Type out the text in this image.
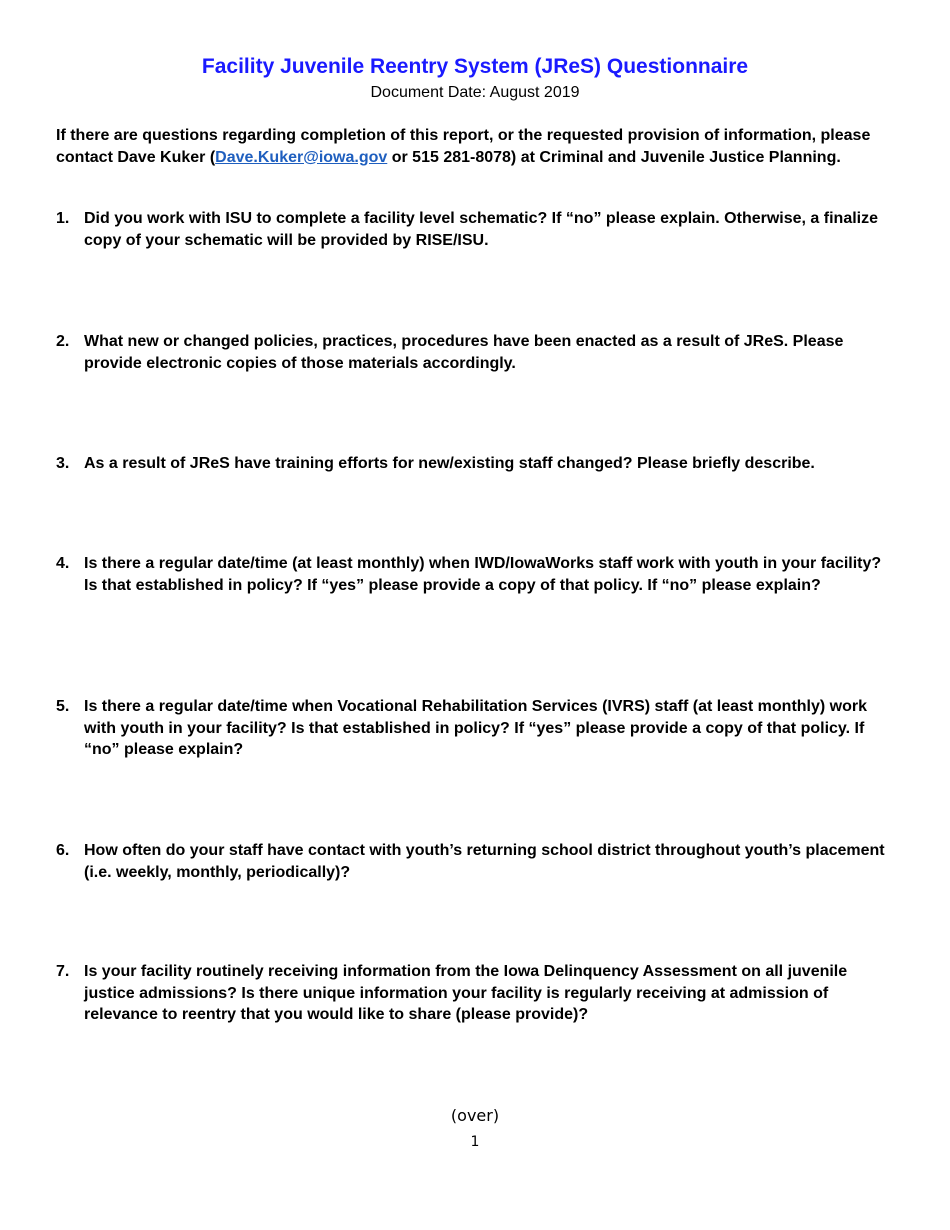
Facility Juvenile Reentry System (JReS) Questionnaire
Document Date: August 2019
If there are questions regarding completion of this report, or the requested provision of information, please contact Dave Kuker (Dave.Kuker@iowa.gov or 515 281-8078) at Criminal and Juvenile Justice Planning.
1. Did you work with ISU to complete a facility level schematic? If “no” please explain. Otherwise, a finalize copy of your schematic will be provided by RISE/ISU.
2. What new or changed policies, practices, procedures have been enacted as a result of JReS. Please provide electronic copies of those materials accordingly.
3. As a result of JReS have training efforts for new/existing staff changed? Please briefly describe.
4. Is there a regular date/time (at least monthly) when IWD/IowaWorks staff work with youth in your facility? Is that established in policy? If “yes” please provide a copy of that policy. If “no” please explain?
5. Is there a regular date/time when Vocational Rehabilitation Services (IVRS) staff (at least monthly) work with youth in your facility? Is that established in policy? If “yes” please provide a copy of that policy. If “no” please explain?
6. How often do your staff have contact with youth’s returning school district throughout youth’s placement (i.e. weekly, monthly, periodically)?
7. Is your facility routinely receiving information from the Iowa Delinquency Assessment on all juvenile justice admissions? Is there unique information your facility is regularly receiving at admission of relevance to reentry that you would like to share (please provide)?
(over)
1
